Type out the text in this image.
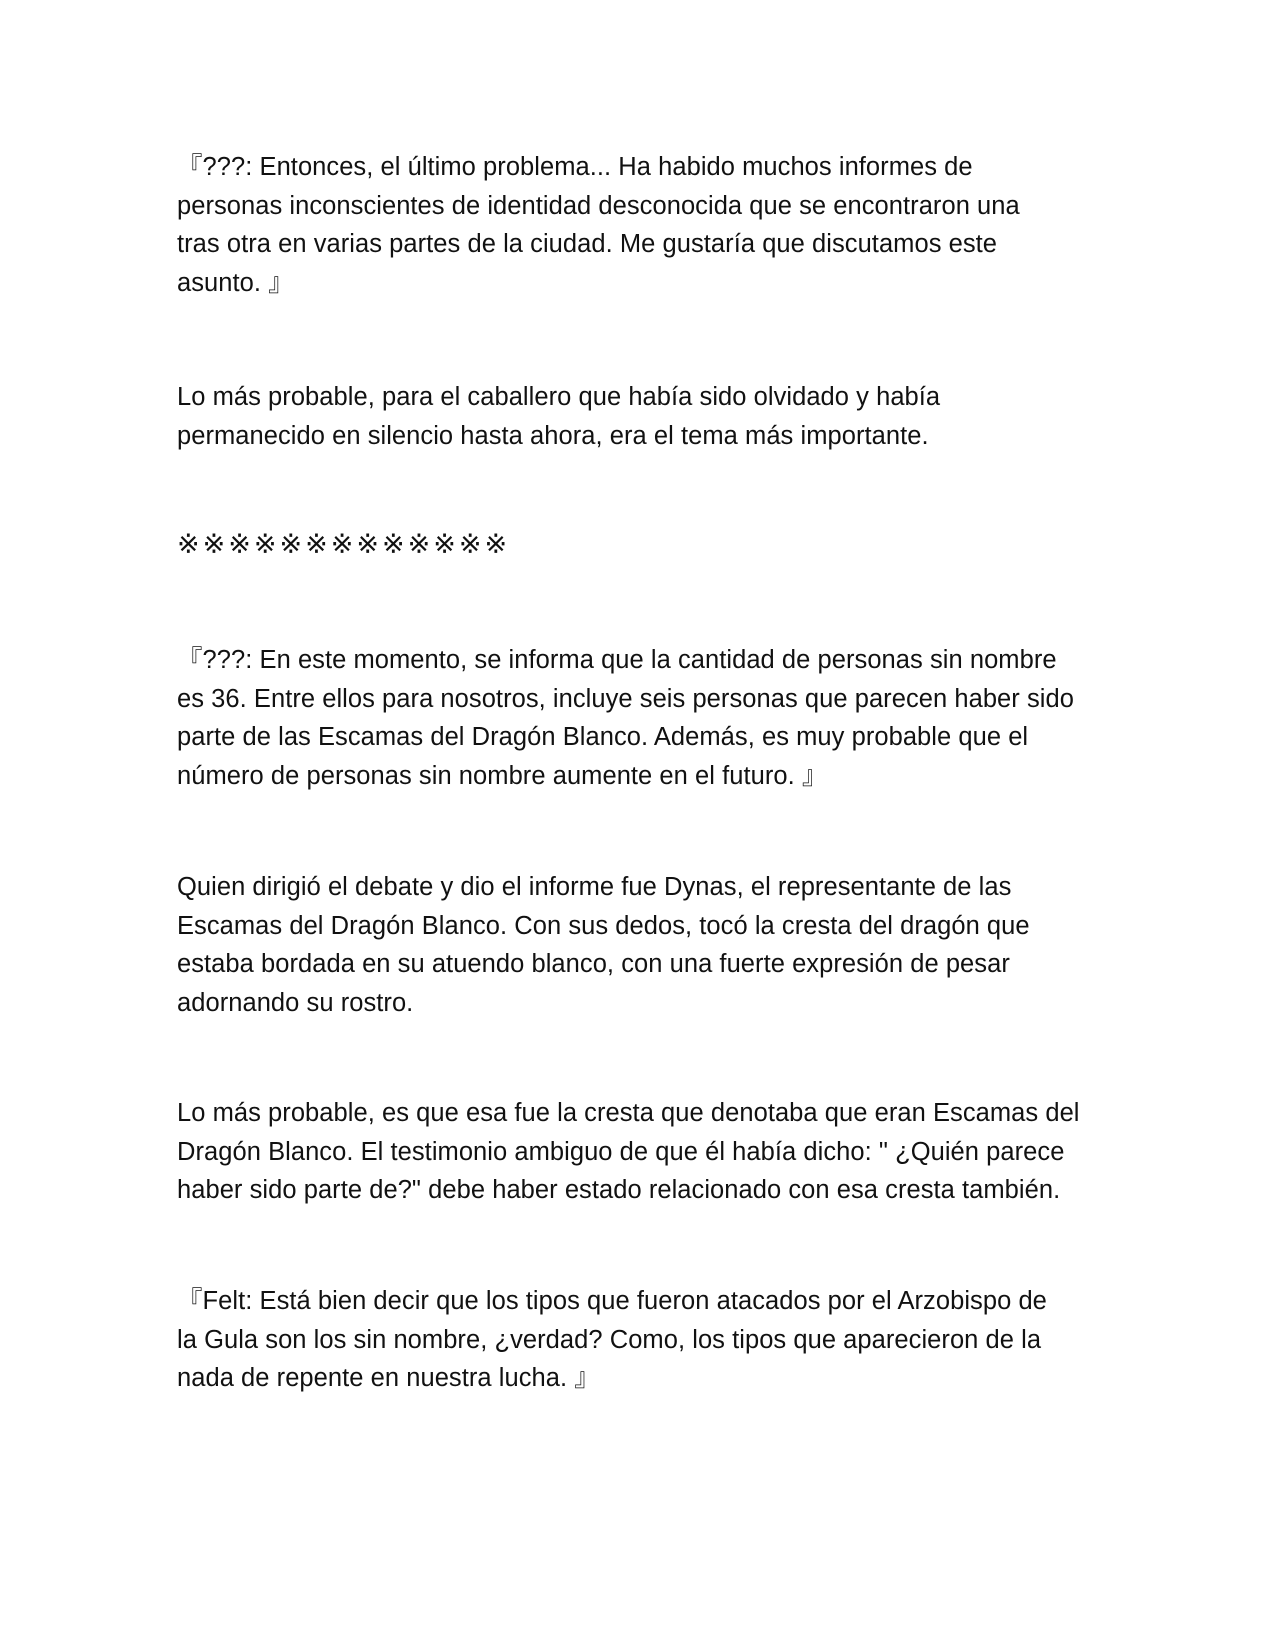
『???: Entonces, el último problema... Ha habido muchos informes de
personas inconscientes de identidad desconocida que se encontraron una
tras otra en varias partes de la ciudad. Me gustaría que discutamos este
asunto. 』

Lo más probable, para el caballero que había sido olvidado y había
permanecido en silencio hasta ahora, era el tema más importante.

※※※※※※※※※※※※※

『???: En este momento, se informa que la cantidad de personas sin nombre
es 36. Entre ellos para nosotros, incluye seis personas que parecen haber sido
parte de las Escamas del Dragón Blanco. Además, es muy probable que el
número de personas sin nombre aumente en el futuro. 』

Quien dirigió el debate y dio el informe fue Dynas, el representante de las
Escamas del Dragón Blanco. Con sus dedos, tocó la cresta del dragón que
estaba bordada en su atuendo blanco, con una fuerte expresión de pesar
adornando su rostro.

Lo más probable, es que esa fue la cresta que denotaba que eran Escamas del
Dragón Blanco. El testimonio ambiguo de que él había dicho: " ¿Quién parece
haber sido parte de?" debe haber estado relacionado con esa cresta también.

『Felt: Está bien decir que los tipos que fueron atacados por el Arzobispo de
la Gula son los sin nombre, ¿verdad? Como, los tipos que aparecieron de la
nada de repente en nuestra lucha. 』
